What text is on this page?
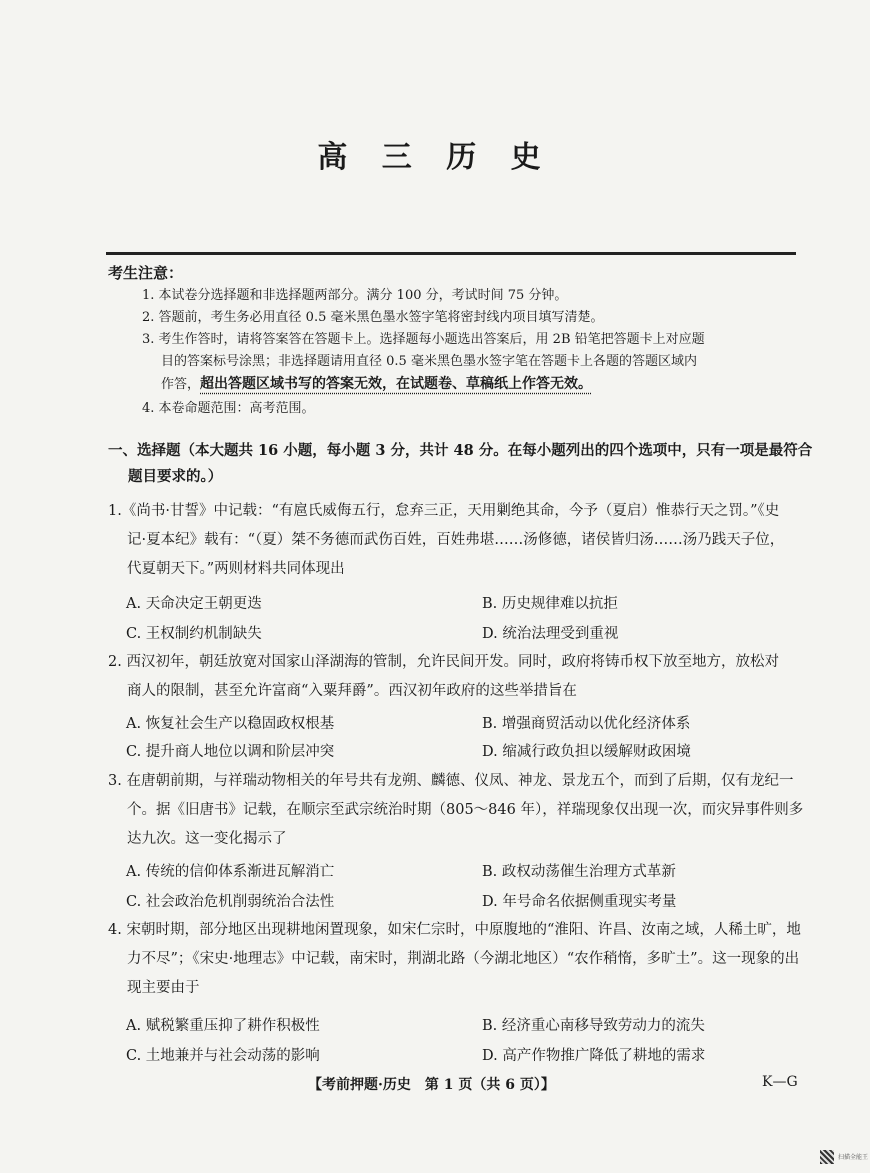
高 三 历 史
考生注意：
1. 本试卷分选择题和非选择题两部分。满分 100 分，考试时间 75 分钟。
2. 答题前，考生务必用直径 0.5 毫米黑色墨水签字笔将密封线内项目填写清楚。
3. 考生作答时，请将答案答在答题卡上。选择题每小题选出答案后，用 2B 铅笔把答题卡上对应题
目的答案标号涂黑；非选择题请用直径 0.5 毫米黑色墨水签字笔在答题卡上各题的答题区域内
作答，超出答题区域书写的答案无效，在试题卷、草稿纸上作答无效。
4. 本卷命题范围：高考范围。
一、选择题（本大题共 16 小题，每小题 3 分，共计 48 分。在每小题列出的四个选项中，只有一项是最符合
题目要求的。）
1.《尚书·甘誓》中记载：“有扈氏威侮五行，怠弃三正，天用剿绝其命，今予（夏启）惟恭行天之罚。”《史
记·夏本纪》载有：“（夏）桀不务德而武伤百姓，百姓弗堪……汤修德，诸侯皆归汤……汤乃践天子位，
代夏朝天下。”两则材料共同体现出
A. 天命决定王朝更迭	B. 历史规律难以抗拒
C. 王权制约机制缺失	D. 统治法理受到重视
2. 西汉初年，朝廷放宽对国家山泽湖海的管制，允许民间开发。同时，政府将铸币权下放至地方，放松对
商人的限制，甚至允许富商“入粟拜爵”。西汉初年政府的这些举措旨在
A. 恢复社会生产以稳固政权根基	B. 增强商贸活动以优化经济体系
C. 提升商人地位以调和阶层冲突	D. 缩减行政负担以缓解财政困境
3. 在唐朝前期，与祥瑞动物相关的年号共有龙朔、麟德、仪凤、神龙、景龙五个，而到了后期，仅有龙纪一
个。据《旧唐书》记载，在顺宗至武宗统治时期（805～846 年），祥瑞现象仅出现一次，而灾异事件则多
达九次。这一变化揭示了
A. 传统的信仰体系渐进瓦解消亡	B. 政权动荡催生治理方式革新
C. 社会政治危机削弱统治合法性	D. 年号命名依据侧重现实考量
4. 宋朝时期，部分地区出现耕地闲置现象，如宋仁宗时，中原腹地的“淮阳、许昌、汝南之域，人稀土旷，地
力不尽”；《宋史·地理志》中记载，南宋时，荆湖北路（今湖北地区）“农作稍惰，多旷土”。这一现象的出
现主要由于
A. 赋税繁重压抑了耕作积极性	B. 经济重心南移导致劳动力的流失
C. 土地兼并与社会动荡的影响	D. 高产作物推广降低了耕地的需求
【考前押题·历史　第 1 页（共 6 页）】	K—G
扫描全能王
